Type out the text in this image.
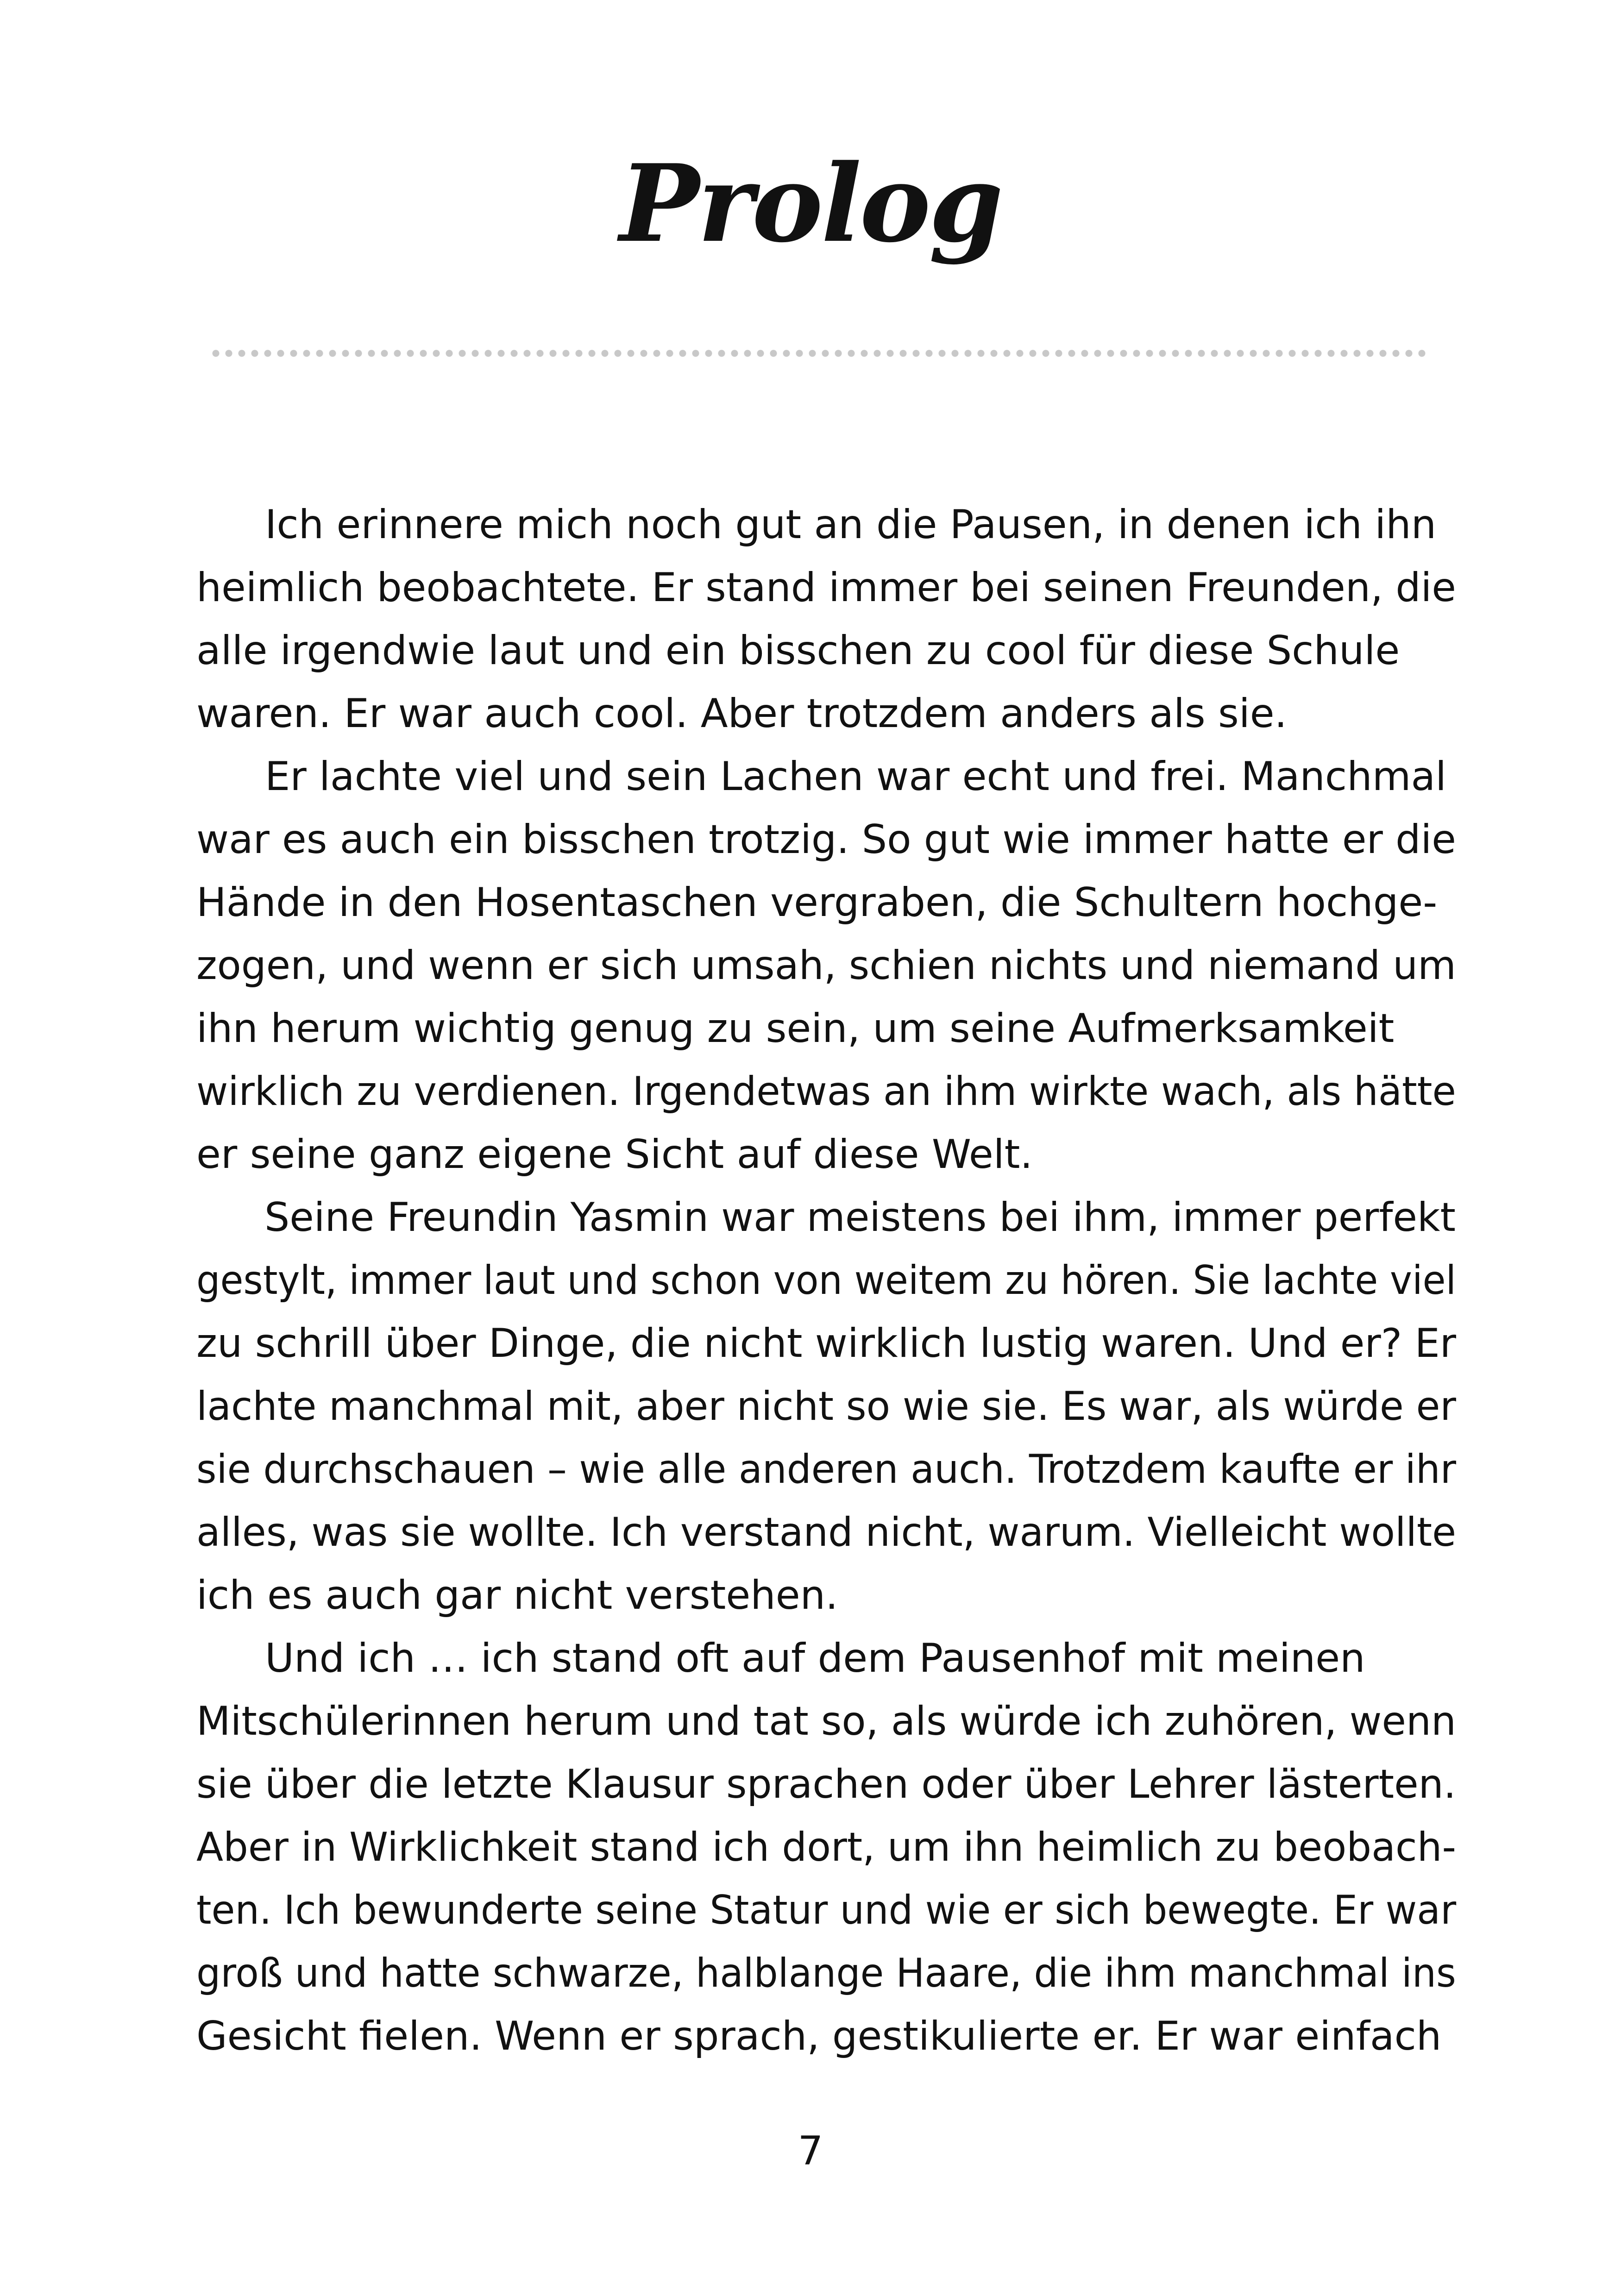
Prolog
Ich erinnere mich noch gut an die Pausen, in denen ich ihn
heimlich beobachtete. Er stand immer bei seinen Freunden, die
alle irgendwie laut und ein bisschen zu cool für diese Schule
waren. Er war auch cool. Aber trotzdem anders als sie.
Er lachte viel und sein Lachen war echt und frei. Manchmal
war es auch ein bisschen trotzig. So gut wie immer hatte er die
Hände in den Hosentaschen vergraben, die Schultern hochge-
zogen, und wenn er sich umsah, schien nichts und niemand um
ihn herum wichtig genug zu sein, um seine Aufmerksamkeit
wirklich zu verdienen. Irgendetwas an ihm wirkte wach, als hätte
er seine ganz eigene Sicht auf diese Welt.
Seine Freundin Yasmin war meistens bei ihm, immer perfekt
gestylt, immer laut und schon von weitem zu hören. Sie lachte viel
zu schrill über Dinge, die nicht wirklich lustig waren. Und er? Er
lachte manchmal mit, aber nicht so wie sie. Es war, als würde er
sie durchschauen – wie alle anderen auch. Trotzdem kaufte er ihr
alles, was sie wollte. Ich verstand nicht, warum. Vielleicht wollte
ich es auch gar nicht verstehen.
Und ich … ich stand oft auf dem Pausenhof mit meinen
Mitschülerinnen herum und tat so, als würde ich zuhören, wenn
sie über die letzte Klausur sprachen oder über Lehrer lästerten.
Aber in Wirklichkeit stand ich dort, um ihn heimlich zu beobach-
ten. Ich bewunderte seine Statur und wie er sich bewegte. Er war
groß und hatte schwarze, halblange Haare, die ihm manchmal ins
Gesicht fielen. Wenn er sprach, gestikulierte er. Er war einfach
7
